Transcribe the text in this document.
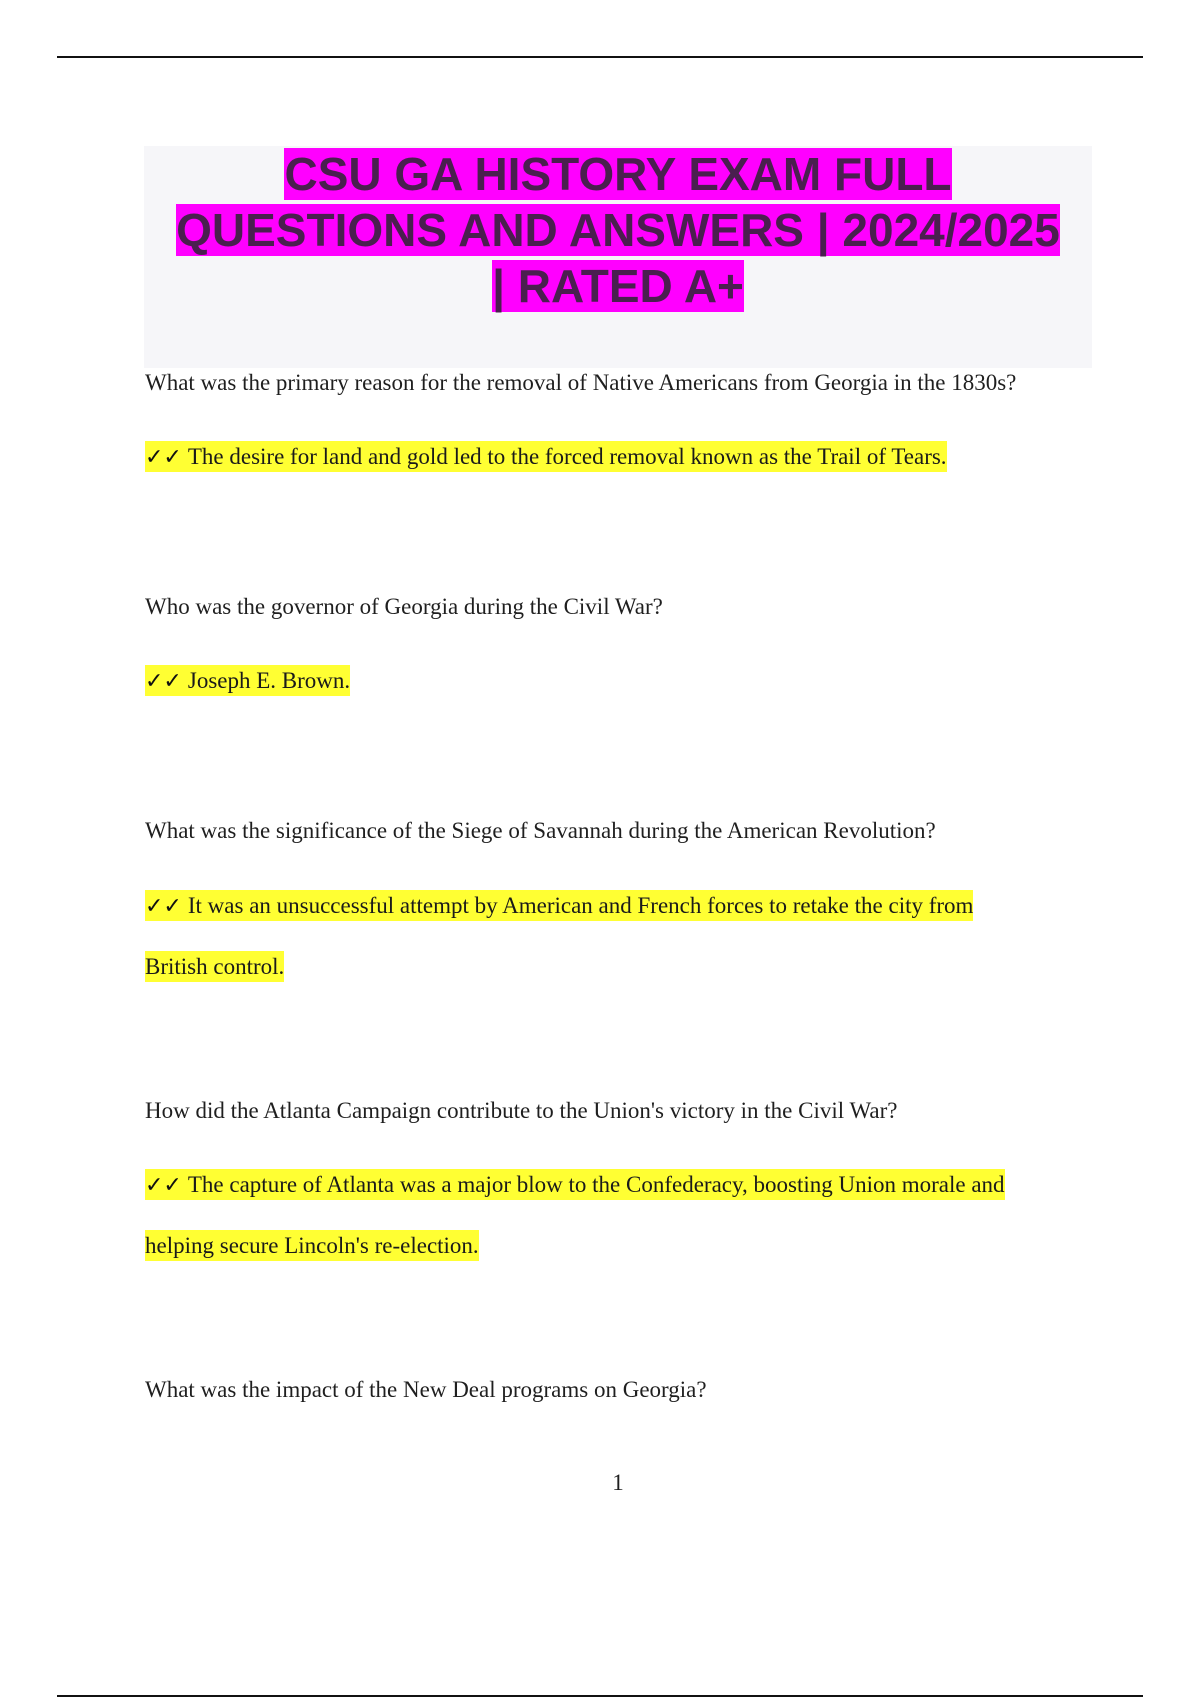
CSU GA HISTORY EXAM FULL
QUESTIONS AND ANSWERS | 2024/2025
| RATED A+

What was the primary reason for the removal of Native Americans from Georgia in the 1830s?

✓✓ The desire for land and gold led to the forced removal known as the Trail of Tears.

Who was the governor of Georgia during the Civil War?

✓✓ Joseph E. Brown.

What was the significance of the Siege of Savannah during the American Revolution?

✓✓ It was an unsuccessful attempt by American and French forces to retake the city from
British control.

How did the Atlanta Campaign contribute to the Union's victory in the Civil War?

✓✓ The capture of Atlanta was a major blow to the Confederacy, boosting Union morale and
helping secure Lincoln's re-election.

What was the impact of the New Deal programs on Georgia?

1
